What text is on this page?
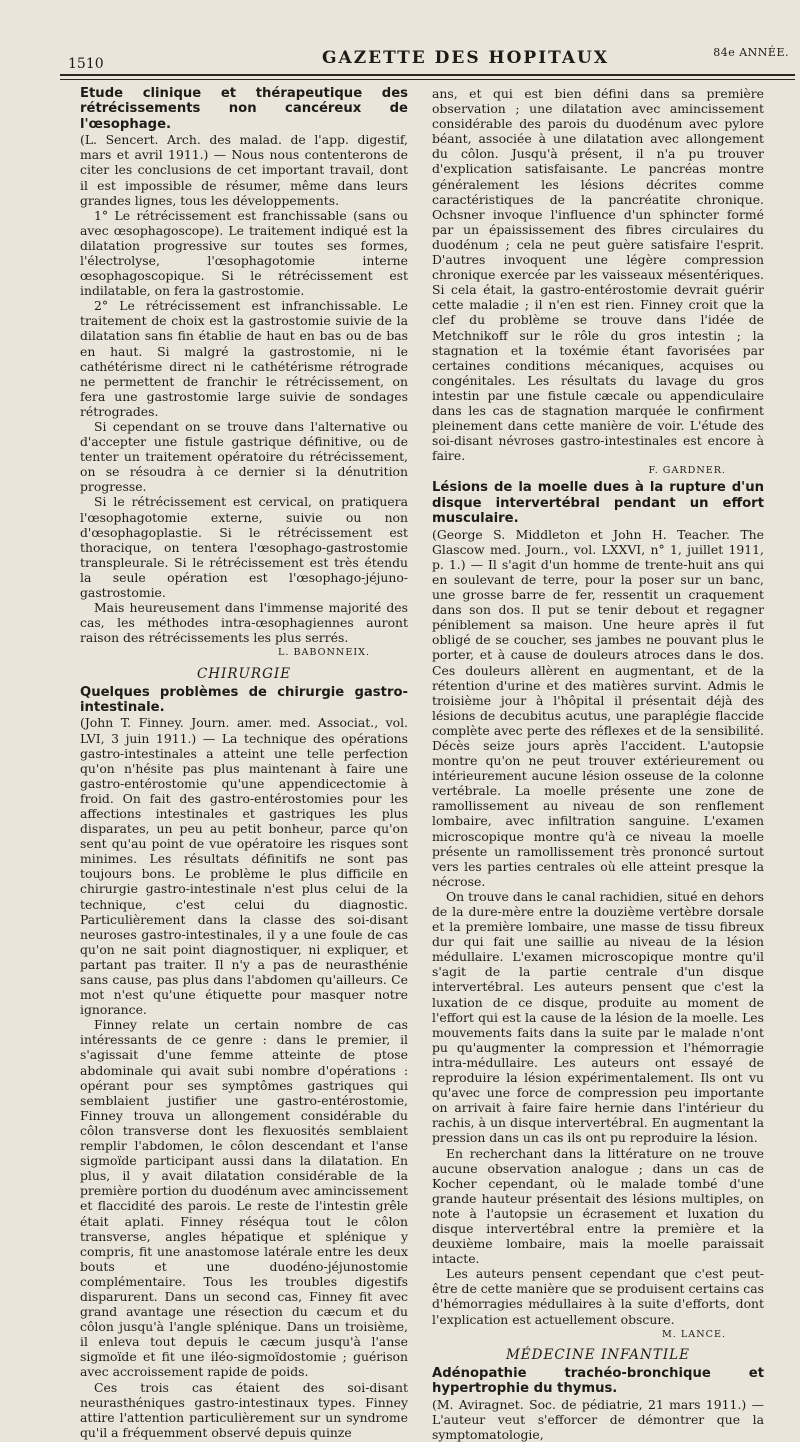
1510	GAZETTE DES HOPITAUX	84e ANNÉE.
Etude clinique et thérapeutique des rétrécissements non cancéreux de l'œsophage.

(L. Sencert. Arch. des malad. de l'app. digestif, mars et avril 1911.) — Nous nous contenterons de citer les conclusions de cet important travail, dont il est impossible de résumer, même dans leurs grandes lignes, tous les développements.

1° Le rétrécissement est franchissable (sans ou avec œsophagoscope). Le traitement indiqué est la dilatation progressive sur toutes ses formes, l'électrolyse, l'œsophagotomie interne œsophagoscopique. Si le rétrécissement est indilatable, on fera la gastrostomie.

2° Le rétrécissement est infranchissable. Le traitement de choix est la gastrostomie suivie de la dilatation sans fin établie de haut en bas ou de bas en haut. Si malgré la gastrostomie, ni le cathétérisme direct ni le cathétérisme rétrograde ne permettent de franchir le rétrécissement, on fera une gastrostomie large suivie de sondages rétrogrades.

Si cependant on se trouve dans l'alternative ou d'accepter une fistule gastrique définitive, ou de tenter un traitement opératoire du rétrécissement, on se résoudra à ce dernier si la dénutrition progresse.

Si le rétrécissement est cervical, on pratiquera l'œsophagotomie externe, suivie ou non d'œsophagoplastie. Si le rétrécissement est thoracique, on tentera l'œsophago-gastrostomie transpleurale. Si le rétrécissement est très étendu la seule opération est l'œsophago-jéjuno-gastrostomie.

Mais heureusement dans l'immense majorité des cas, les méthodes intra-œsophagiennes auront raison des rétrécissements les plus serrés.

L. BABONNEIX.

CHIRURGIE
Quelques problèmes de chirurgie gastro-intestinale.

(John T. Finney. Journ. amer. med. Associat., vol. LVI, 3 juin 1911.) — La technique des opérations gastro-intestinales a atteint une telle perfection qu'on n'hésite pas plus maintenant à faire une gastro-entérostomie qu'une appendicectomie à froid. On fait des gastro-entérostomies pour les affections intestinales et gastriques les plus disparates, un peu au petit bonheur, parce qu'on sent qu'au point de vue opératoire les risques sont minimes. Les résultats définitifs ne sont pas toujours bons. Le problème le plus difficile en chirurgie gastro-intestinale n'est plus celui de la technique, c'est celui du diagnostic. Particulièrement dans la classe des soi-disant neuroses gastro-intestinales, il y a une foule de cas qu'on ne sait point diagnostiquer, ni expliquer, et partant pas traiter. Il n'y a pas de neurasthénie sans cause, pas plus dans l'abdomen qu'ailleurs. Ce mot n'est qu'une étiquette pour masquer notre ignorance.

Finney relate un certain nombre de cas intéressants de ce genre : dans le premier, il s'agissait d'une femme atteinte de ptose abdominale qui avait subi nombre d'opérations : opérant pour ses symptômes gastriques qui semblaient justifier une gastro-entérostomie, Finney trouva un allongement considérable du côlon transverse dont les flexuosités semblaient remplir l'abdomen, le côlon descendant et l'anse sigmoïde participant aussi dans la dilatation. En plus, il y avait dilatation considérable de la première portion du duodénum avec amincissement et flaccidité des parois. Le reste de l'intestin grêle était aplati. Finney réséqua tout le côlon transverse, angles hépatique et splénique y compris, fit une anastomose latérale entre les deux bouts et une duodéno-jéjunostomie complémentaire. Tous les troubles digestifs disparurent. Dans un second cas, Finney fit avec grand avantage une résection du cæcum et du côlon jusqu'à l'angle splénique. Dans un troisième, il enleva tout depuis le cæcum jusqu'à l'anse sigmoïde et fit une iléo-sigmoïdostomie ; guérison avec accroissement rapide de poids.

Ces trois cas étaient des soi-disant neurasthéniques gastro-intestinaux types. Finney attire l'attention particulièrement sur un syndrome qu'il a fréquemment observé depuis quinze

ans, et qui est bien défini dans sa première observation ; une dilatation avec amincissement considérable des parois du duodénum avec pylore béant, associée à une dilatation avec allongement du côlon. Jusqu'à présent, il n'a pu trouver d'explication satisfaisante. Le pancréas montre généralement les lésions décrites comme caractéristiques de la pancréatite chronique. Ochsner invoque l'influence d'un sphincter formé par un épaississement des fibres circulaires du duodénum ; cela ne peut guère satisfaire l'esprit. D'autres invoquent une légère compression chronique exercée par les vaisseaux mésentériques. Si cela était, la gastro-entérostomie devrait guérir cette maladie ; il n'en est rien. Finney croit que la clef du problème se trouve dans l'idée de Metchnikoff sur le rôle du gros intestin ; la stagnation et la toxémie étant favorisées par certaines conditions mécaniques, acquises ou congénitales. Les résultats du lavage du gros intestin par une fistule cæcale ou appendiculaire dans les cas de stagnation marquée le confirment pleinement dans cette manière de voir. L'étude des soi-disant névroses gastro-intestinales est encore à faire.

F. GARDNER.

Lésions de la moelle dues à la rupture d'un disque intervertébral pendant un effort musculaire.

(George S. Middleton et John H. Teacher. The Glascow med. Journ., vol. LXXVI, n° 1, juillet 1911, p. 1.) — Il s'agit d'un homme de trente-huit ans qui en soulevant de terre, pour la poser sur un banc, une grosse barre de fer, ressentit un craquement dans son dos. Il put se tenir debout et regagner péniblement sa maison. Une heure après il fut obligé de se coucher, ses jambes ne pouvant plus le porter, et à cause de douleurs atroces dans le dos. Ces douleurs allèrent en augmentant, et de la rétention d'urine et des matières survint. Admis le troisième jour à l'hôpital il présentait déjà des lésions de decubitus acutus, une paraplégie flaccide complète avec perte des réflexes et de la sensibilité. Décès seize jours après l'accident. L'autopsie montre qu'on ne peut trouver extérieurement ou intérieurement aucune lésion osseuse de la colonne vertébrale. La moelle présente une zone de ramollissement au niveau de son renflement lombaire, avec infiltration sanguine. L'examen microscopique montre qu'à ce niveau la moelle présente un ramollissement très prononcé surtout vers les parties centrales où elle atteint presque la nécrose.

On trouve dans le canal rachidien, situé en dehors de la dure-mère entre la douzième vertèbre dorsale et la première lombaire, une masse de tissu fibreux dur qui fait une saillie au niveau de la lésion médullaire. L'examen microscopique montre qu'il s'agit de la partie centrale d'un disque intervertébral. Les auteurs pensent que c'est la luxation de ce disque, produite au moment de l'effort qui est la cause de la lésion de la moelle. Les mouvements faits dans la suite par le malade n'ont pu qu'augmenter la compression et l'hémorragie intra-médullaire. Les auteurs ont essayé de reproduire la lésion expérimentalement. Ils ont vu qu'avec une force de compression peu importante on arrivait à faire faire hernie dans l'intérieur du rachis, à un disque intervertébral. En augmentant la pression dans un cas ils ont pu reproduire la lésion.

En recherchant dans la littérature on ne trouve aucune observation analogue ; dans un cas de Kocher cependant, où le malade tombé d'une grande hauteur présentait des lésions multiples, on note à l'autopsie un écrasement et luxation du disque intervertébral entre la première et la deuxième lombaire, mais la moelle paraissait intacte.

Les auteurs pensent cependant que c'est peut-être de cette manière que se produisent certains cas d'hémorragies médullaires à la suite d'efforts, dont l'explication est actuellement obscure.

M. LANCE.

MÉDECINE INFANTILE
Adénopathie trachéo-bronchique et hypertrophie du thymus.

(M. Aviragnet. Soc. de pédiatrie, 21 mars 1911.) — L'auteur veut s'efforcer de démontrer que la symptomatologie,
